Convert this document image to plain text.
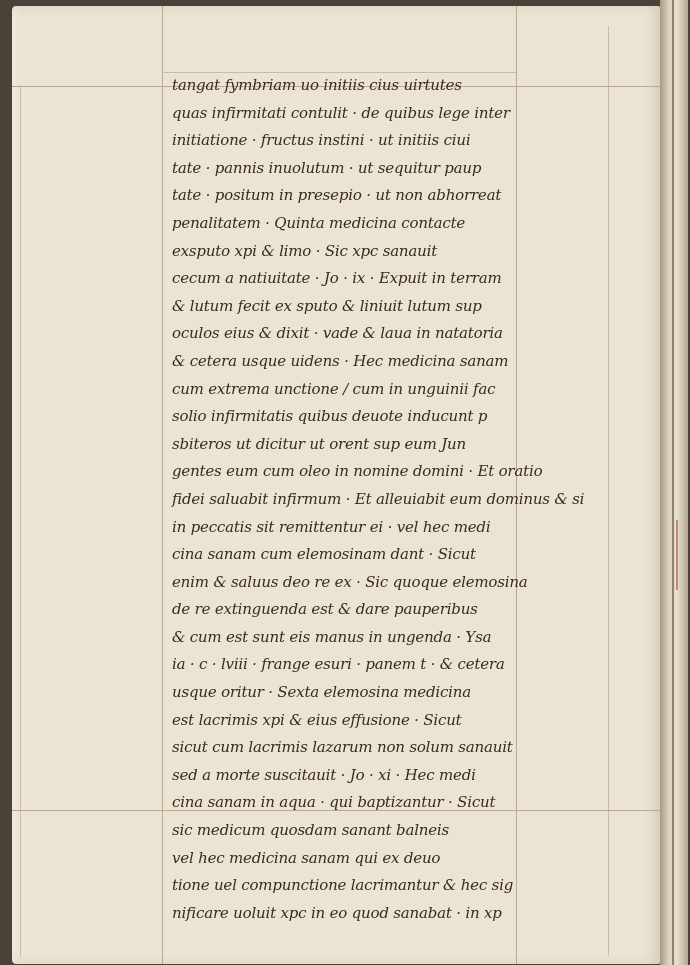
tangat fymbriam uo initiis cius uirtutes
quas infirmitati contulit · de quibus lege inter
initiatione · fructus instini · ut initiis ciui
tate · pannis inuolutum · ut sequitur paup
tate · positum in presepio · ut non abhorreat
penalitatem · Quinta medicina contacte
exsputo xpi & limo · Sic xpc sanauit
cecum a natiuitate · Jo · ix · Expuit in terram
& lutum fecit ex sputo & liniuit lutum sup
oculos eius & dixit · vade & laua in natatoria
& cetera usque uidens · Hec medicina sanam
cum extrema unctione / cum in unguinii fac
solio infirmitatis quibus deuote inducunt p
sbiteros ut dicitur ut orent sup eum Jun
gentes eum cum oleo in nomine domini · Et oratio
fidei saluabit infirmum · Et alleuiabit eum dominus & si
in peccatis sit remittentur ei · vel hec medi
cina sanam cum elemosinam dant · Sicut
enim & saluus deo re ex · Sic quoque elemosina
de re extinguenda est & dare pauperibus
& cum est sunt eis manus in ungenda · Ysa
ia · c · lviii · frange esuri · panem t · & cetera
usque oritur · Sexta elemosina medicina
est lacrimis xpi & eius effusione · Sicut
sicut cum lacrimis lazarum non solum sanauit
sed a morte suscitauit · Jo · xi · Hec medi
cina sanam in aqua · qui baptizantur · Sicut
sic medicum quosdam sanant balneis
vel hec medicina sanam qui ex deuo
tione uel compunctione lacrimantur & hec sig
nificare uoluit xpc in eo quod sanabat · in xp
